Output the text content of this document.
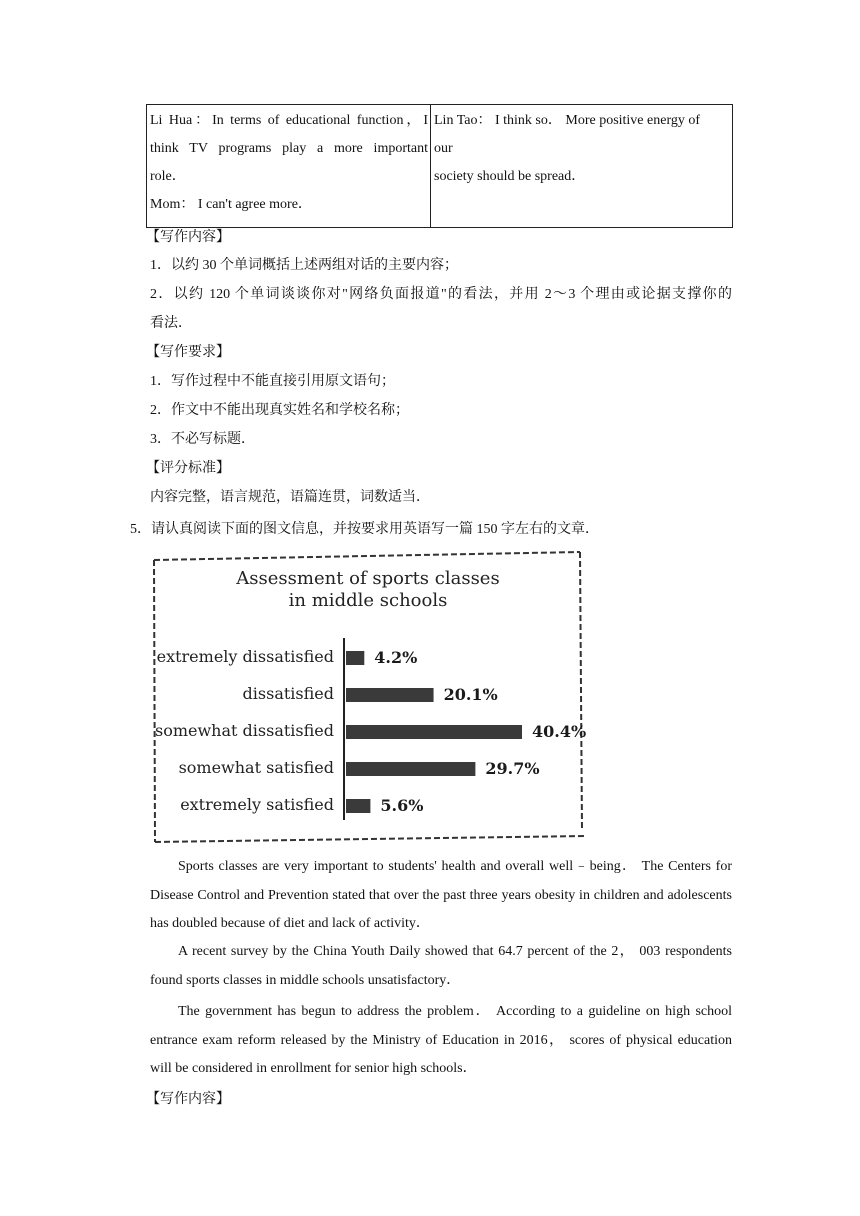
Li Hua：In terms of educational function，I
think TV programs play a more important
role．
Mom： I can't agree more．

Lin Tao： I think so． More positive energy of
our
society should be spread．
【写作内容】
1．以约 30 个单词概括上述两组对话的主要内容；
2．以约 120 个单词谈谈你对"网络负面报道"的看法，并用 2～3 个理由或论据支撑你的
看法．
【写作要求】
1．写作过程中不能直接引用原文语句；
2．作文中不能出现真实姓名和学校名称；
3．不必写标题．
【评分标准】
内容完整，语言规范，语篇连贯，词数适当．
5．请认真阅读下面的图文信息，并按要求用英语写一篇 150 字左右的文章．
Assessment of sports classes
in middle schools
extremely dissatisfied	4.2%
dissatisfied	20.1%
somewhat dissatisfied	40.4%
somewhat satisfied	29.7%
extremely satisfied	5.6%
Sports classes are very important to students' health and overall well﹣being． The Centers for Disease Control and Prevention stated that over the past three years obesity in children and adolescents has doubled because of diet and lack of activity．
A recent survey by the China Youth Daily showed that 64.7 percent of the 2， 003 respondents found sports classes in middle schools unsatisfactory．
The government has begun to address the problem． According to a guideline on high school entrance exam reform released by the Ministry of Education in 2016， scores of physical education will be considered in enrollment for senior high schools．
【写作内容】
